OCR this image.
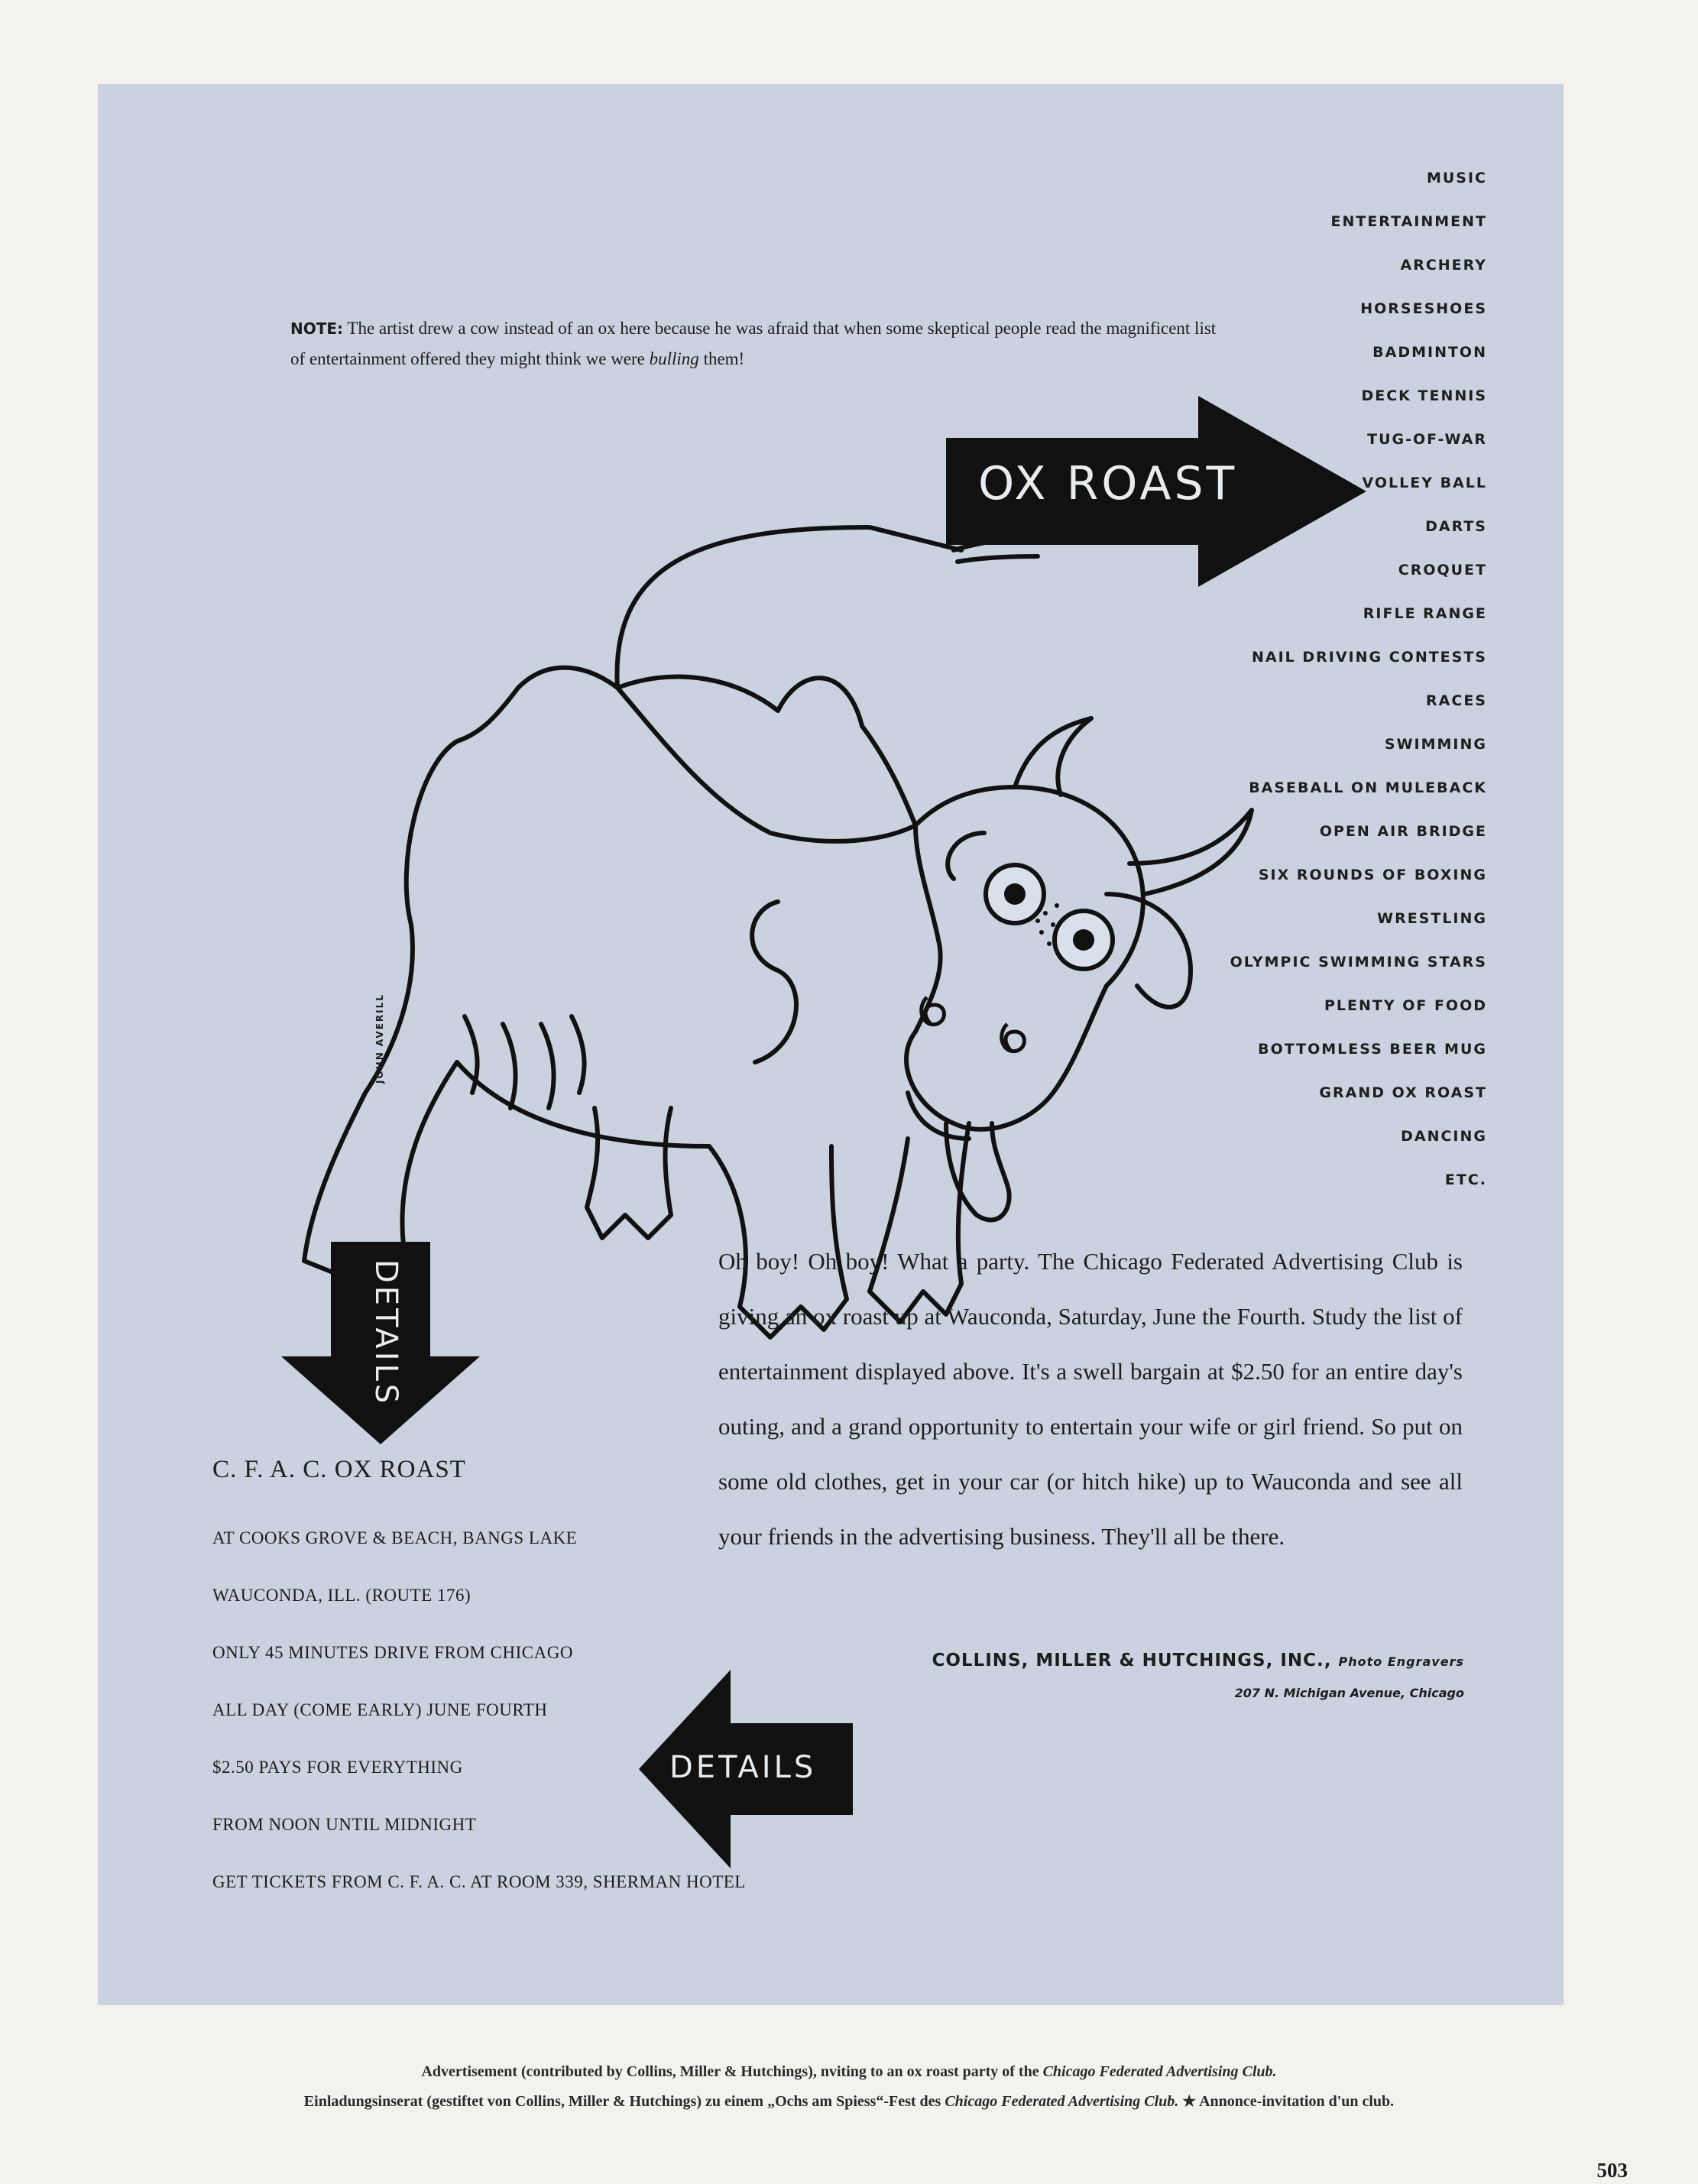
NOTE: The artist drew a cow instead of an ox here because he was afraid that when some skeptical people read the magnificent list of entertainment offered they might think we were bulling them!
MUSIC
ENTERTAINMENT
ARCHERY
HORSESHOES
BADMINTON
DECK TENNIS
TUG-OF-WAR
VOLLEY BALL
DARTS
CROQUET
RIFLE RANGE
NAIL DRIVING CONTESTS
RACES
SWIMMING
BASEBALL ON MULEBACK
OPEN AIR BRIDGE
SIX ROUNDS OF BOXING
WRESTLING
OLYMPIC SWIMMING STARS
PLENTY OF FOOD
BOTTOMLESS BEER MUG
GRAND OX ROAST
DANCING
ETC.
OX ROAST
JOHN AVERILL
DETAILS	Oh boy! Oh boy! What a party. The Chicago Federated Advertising Club is giving an ox roast up at Wauconda, Saturday, June the Fourth. Study the list of entertainment displayed above. It's a swell bargain at $2.50 for an entire day's outing, and a grand opportunity to entertain your wife or girl friend. So put on some old clothes, get in your car (or hitch hike) up to Wauconda and see all your friends in the advertising business. They'll all be there.

C. F. A. C. OX ROAST
AT COOKS GROVE & BEACH, BANGS LAKE
WAUCONDA, ILL. (ROUTE 176)
ONLY 45 MINUTES DRIVE FROM CHICAGO
ALL DAY (COME EARLY) JUNE FOURTH
$2.50 PAYS FOR EVERYTHING
FROM NOON UNTIL MIDNIGHT
GET TICKETS FROM C. F. A. C. AT ROOM 339, SHERMAN HOTEL
DETAILS
COLLINS, MILLER & HUTCHINGS, INC., Photo Engravers
207 N. Michigan Avenue, Chicago
Advertisement (contributed by Collins, Miller & Hutchings), nviting to an ox roast party of the Chicago Federated Advertising Club.
Einladungsinserat (gestiftet von Collins, Miller & Hutchings) zu einem „Ochs am Spiess“-Fest des Chicago Federated Advertising Club. ★ Annonce-invitation d'un club.
503
